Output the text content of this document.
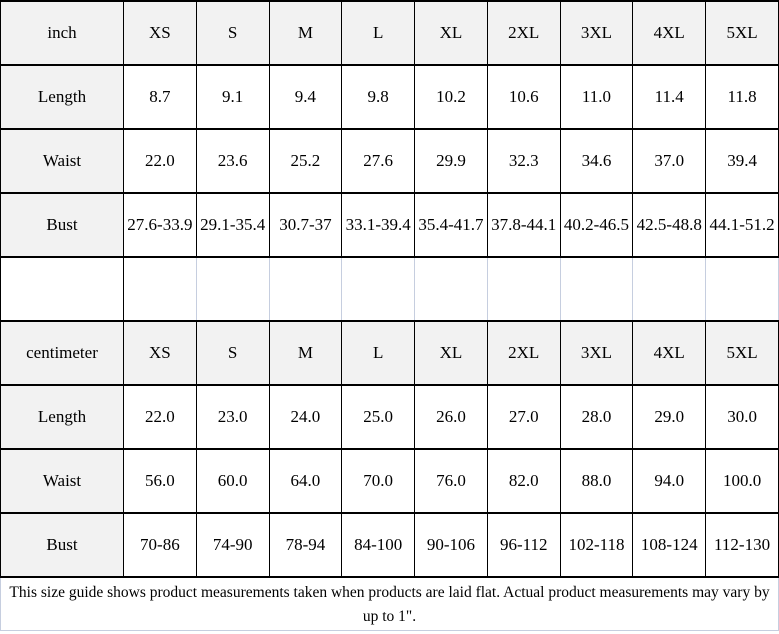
inch	XS	S	M	L	XL	2XL	3XL	4XL	5XL
Length	8.7	9.1	9.4	9.8	10.2	10.6	11.0	11.4	11.8
Waist	22.0	23.6	25.2	27.6	29.9	32.3	34.6	37.0	39.4
Bust	27.6-33.9	29.1-35.4	30.7-37	33.1-39.4	35.4-41.7	37.8-44.1	40.2-46.5	42.5-48.8	44.1-51.2

centimeter	XS	S	M	L	XL	2XL	3XL	4XL	5XL
Length	22.0	23.0	24.0	25.0	26.0	27.0	28.0	29.0	30.0
Waist	56.0	60.0	64.0	70.0	76.0	82.0	88.0	94.0	100.0
Bust	70-86	74-90	78-94	84-100	90-106	96-112	102-118	108-124	112-130
This size guide shows product measurements taken when products are laid flat. Actual product measurements may vary by up to 1".
